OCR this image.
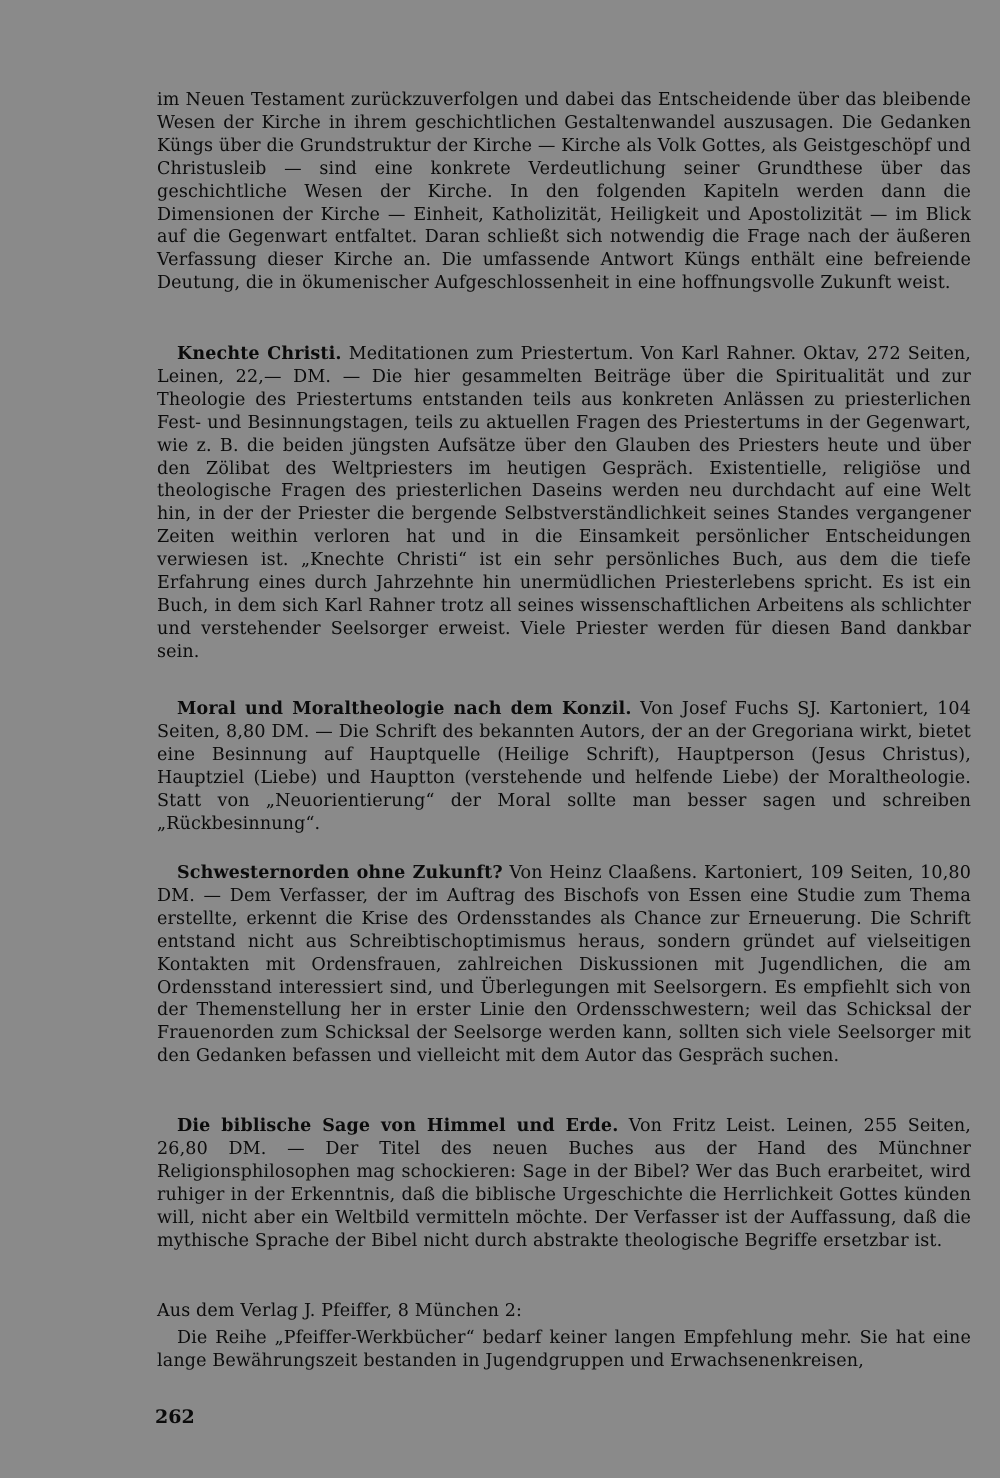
im Neuen Testament zurückzuverfolgen und dabei das Entscheidende über das bleibende Wesen der Kirche in ihrem geschichtlichen Gestaltenwandel auszusagen. Die Gedanken Küngs über die Grundstruktur der Kirche — Kirche als Volk Gottes, als Geistgeschöpf und Christusleib — sind eine konkrete Verdeutlichung seiner Grundthese über das geschichtliche Wesen der Kirche. In den folgenden Kapiteln werden dann die Dimensionen der Kirche — Einheit, Katholizität, Heiligkeit und Apostolizität — im Blick auf die Gegenwart entfaltet. Daran schließt sich notwendig die Frage nach der äußeren Verfassung dieser Kirche an. Die umfassende Antwort Küngs enthält eine befreiende Deutung, die in ökumenischer Aufgeschlossenheit in eine hoffnungsvolle Zukunft weist.

Knechte Christi. Meditationen zum Priestertum. Von Karl Rahner. Oktav, 272 Seiten, Leinen, 22,— DM. — Die hier gesammelten Beiträge über die Spiritualität und zur Theologie des Priestertums entstanden teils aus konkreten Anlässen zu priesterlichen Fest- und Besinnungstagen, teils zu aktuellen Fragen des Priestertums in der Gegenwart, wie z. B. die beiden jüngsten Aufsätze über den Glauben des Priesters heute und über den Zölibat des Weltpriesters im heutigen Gespräch. Existentielle, religiöse und theologische Fragen des priesterlichen Daseins werden neu durchdacht auf eine Welt hin, in der der Priester die bergende Selbstverständlichkeit seines Standes vergangener Zeiten weithin verloren hat und in die Einsamkeit persönlicher Entscheidungen verwiesen ist. „Knechte Christi“ ist ein sehr persönliches Buch, aus dem die tiefe Erfahrung eines durch Jahrzehnte hin unermüdlichen Priesterlebens spricht. Es ist ein Buch, in dem sich Karl Rahner trotz all seines wissenschaftlichen Arbeitens als schlichter und verstehender Seelsorger erweist. Viele Priester werden für diesen Band dankbar sein.

Moral und Moraltheologie nach dem Konzil. Von Josef Fuchs SJ. Kartoniert, 104 Seiten, 8,80 DM. — Die Schrift des bekannten Autors, der an der Gregoriana wirkt, bietet eine Besinnung auf Hauptquelle (Heilige Schrift), Hauptperson (Jesus Christus), Hauptziel (Liebe) und Hauptton (verstehende und helfende Liebe) der Moraltheologie. Statt von „Neuorientierung“ der Moral sollte man besser sagen und schreiben „Rückbesinnung“.

Schwesternorden ohne Zukunft? Von Heinz Claaßens. Kartoniert, 109 Seiten, 10,80 DM. — Dem Verfasser, der im Auftrag des Bischofs von Essen eine Studie zum Thema erstellte, erkennt die Krise des Ordensstandes als Chance zur Erneuerung. Die Schrift entstand nicht aus Schreibtischoptimismus heraus, sondern gründet auf vielseitigen Kontakten mit Ordensfrauen, zahlreichen Diskussionen mit Jugendlichen, die am Ordensstand interessiert sind, und Überlegungen mit Seelsorgern. Es empfiehlt sich von der Themenstellung her in erster Linie den Ordensschwestern; weil das Schicksal der Frauenorden zum Schicksal der Seelsorge werden kann, sollten sich viele Seelsorger mit den Gedanken befassen und vielleicht mit dem Autor das Gespräch suchen.

Die biblische Sage von Himmel und Erde. Von Fritz Leist. Leinen, 255 Seiten, 26,80 DM. — Der Titel des neuen Buches aus der Hand des Münchner Religionsphilosophen mag schockieren: Sage in der Bibel? Wer das Buch erarbeitet, wird ruhiger in der Erkenntnis, daß die biblische Urgeschichte die Herrlichkeit Gottes künden will, nicht aber ein Weltbild vermitteln möchte. Der Verfasser ist der Auffassung, daß die mythische Sprache der Bibel nicht durch abstrakte theologische Begriffe ersetzbar ist.

Aus dem Verlag J. Pfeiffer, 8 München 2:

Die Reihe „Pfeiffer-Werkbücher“ bedarf keiner langen Empfehlung mehr. Sie hat eine lange Bewährungszeit bestanden in Jugendgruppen und Erwachsenenkreisen,

262
